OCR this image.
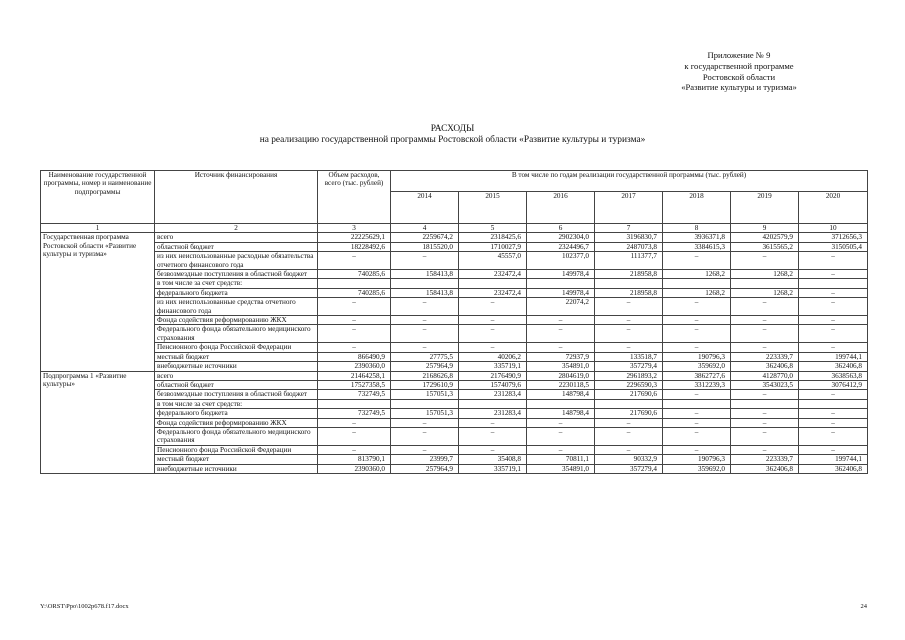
Приложение № 9
к государственной программе
Ростовской области
«Развитие культуры и туризма»
РАСХОДЫ
на реализацию государственной программы Ростовской области «Развитие культуры и туризма»
Наименование государственной программы, номер и наименование подпрограммы	Источник финансирования	Объем расходов, всего (тыс. рублей)	В том числе по годам реализации государственной программы (тыс. рублей)						
			2014	2015	2016	2017	2018	2019	2020
1	2	3	4	5	6	7	8	9	10
Государственная программа Ростовской области «Развитие культуры и туризма»	всего	22225629,1	2259674,2	2318425,6	2902304,0	3196830,7	3936371,8	4202579,9	3712656,3
	областной бюджет	18228492,6	1815520,0	1710027,9	2324496,7	2487073,8	3384615,3	3615565,2	3150505,4
	из них неиспользованные расходные обязательства отчетного финансового года	–	–	45557,0	102377,0	111377,7	–	–	–
	безвозмездные поступления в областной бюджет	740285,6	158413,8	232472,4	149978,4	218958,8	1268,2	1268,2	–
	в том числе за счет средств:								
	федерального бюджета	740285,6	158413,8	232472,4	149978,4	218958,8	1268,2	1268,2	–
	из них неиспользованные средства отчетного финансового года	–	–	–	22074,2	–	–	–	–
	Фонда содействия реформированию ЖКХ	–	–	–	–	–	–	–	–
	Федерального фонда обязательного медицинского страхования	–	–	–	–	–	–	–	–
	Пенсионного фонда Российской Федерации	–	–	–	–	–	–	–	–
	местный бюджет	866490,9	27775,5	40206,2	72937,9	133518,7	190796,3	223339,7	199744,1
	внебюджетные источники	2390360,0	257964,9	335719,1	354891,0	357279,4	359692,0	362406,8	362406,8
Подпрограмма 1 «Развитие культуры»	всего	21464258,1	2168626,8	2176490,9	2804619,0	2961893,2	3862727,6	4128770,0	3638563,8
	областной бюджет	17527358,5	1729610,9	1574079,6	2230118,5	2296590,3	3312239,3	3543023,5	3076412,9
	безвозмездные поступления в областной бюджет	732749,5	157051,3	231283,4	148798,4	217690,6	–	–	–
	в том числе за счет средств:								
	федерального бюджета	732749,5	157051,3	231283,4	148798,4	217690,6	–	–	–
	Фонда содействия реформированию ЖКХ	–	–	–	–	–	–	–	–
	Федерального фонда обязательного медицинского страхования	–	–	–	–	–	–	–	–
	Пенсионного фонда Российской Федерации	–	–	–	–	–	–	–	–
	местный бюджет	813790,1	23999,7	35408,8	70811,1	90332,9	190796,3	223339,7	199744,1
	внебюджетные источники	2390360,0	257964,9	335719,1	354891,0	357279,4	359692,0	362406,8	362406,8
Y:\ORST\Ppo\1002p678.f17.docx	24
